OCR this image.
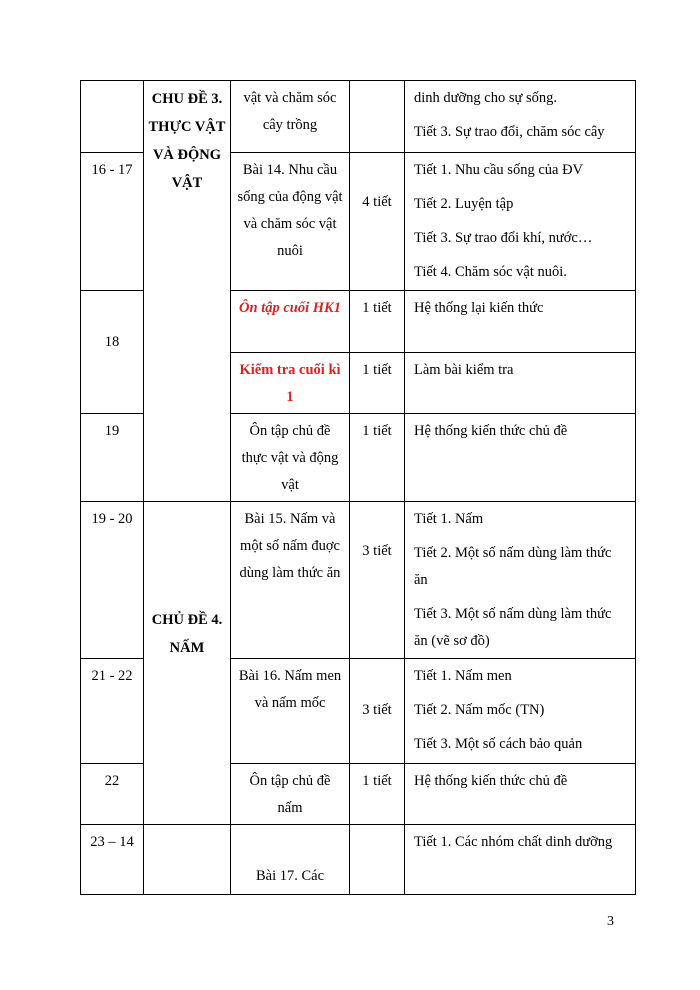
	CHU ĐỀ 3. THỰC VẬT VÀ ĐỘNG VẬT	vật và chăm sóc cây trồng		dinh dưỡng cho sự sống.

Tiết 3. Sự trao đổi, chăm sóc cây

16 - 17		Bài 14. Nhu cầu sống của động vật và chăm sóc vật nuôi	4 tiết	Tiết 1. Nhu cầu sống của ĐV

Tiết 2. Luyện tập

Tiết 3. Sự trao đổi khí, nước…

Tiết 4. Chăm sóc vật nuôi.

18		Ôn tập cuối HK1	1 tiết	Hệ thống lại kiến thức

		Kiểm tra cuối kì 1	1 tiết	Làm bài kiểm tra

19		Ôn tập chủ đề thực vật và động vật	1 tiết	Hệ thống kiến thức chủ đề

19 - 20	CHỦ ĐỀ 4. NẤM	Bài 15. Nấm và một số nấm đuợc dùng làm thức ăn	3 tiết	Tiết 1. Nấm

Tiết 2. Một số nấm dùng làm thức ăn

Tiết 3. Một số nấm dùng làm thức ăn (vẽ sơ đồ)

21 - 22		Bài 16. Nấm men và nấm mốc	3 tiết	Tiết 1. Nấm men

Tiết 2. Nấm mốc (TN)

Tiết 3. Một số cách bảo quản

22		Ôn tập chủ đề nấm	1 tiết	Hệ thống kiến thức chủ đề

23 – 14		Bài 17. Các		Tiết 1. Các nhóm chất dinh dưỡng

3
